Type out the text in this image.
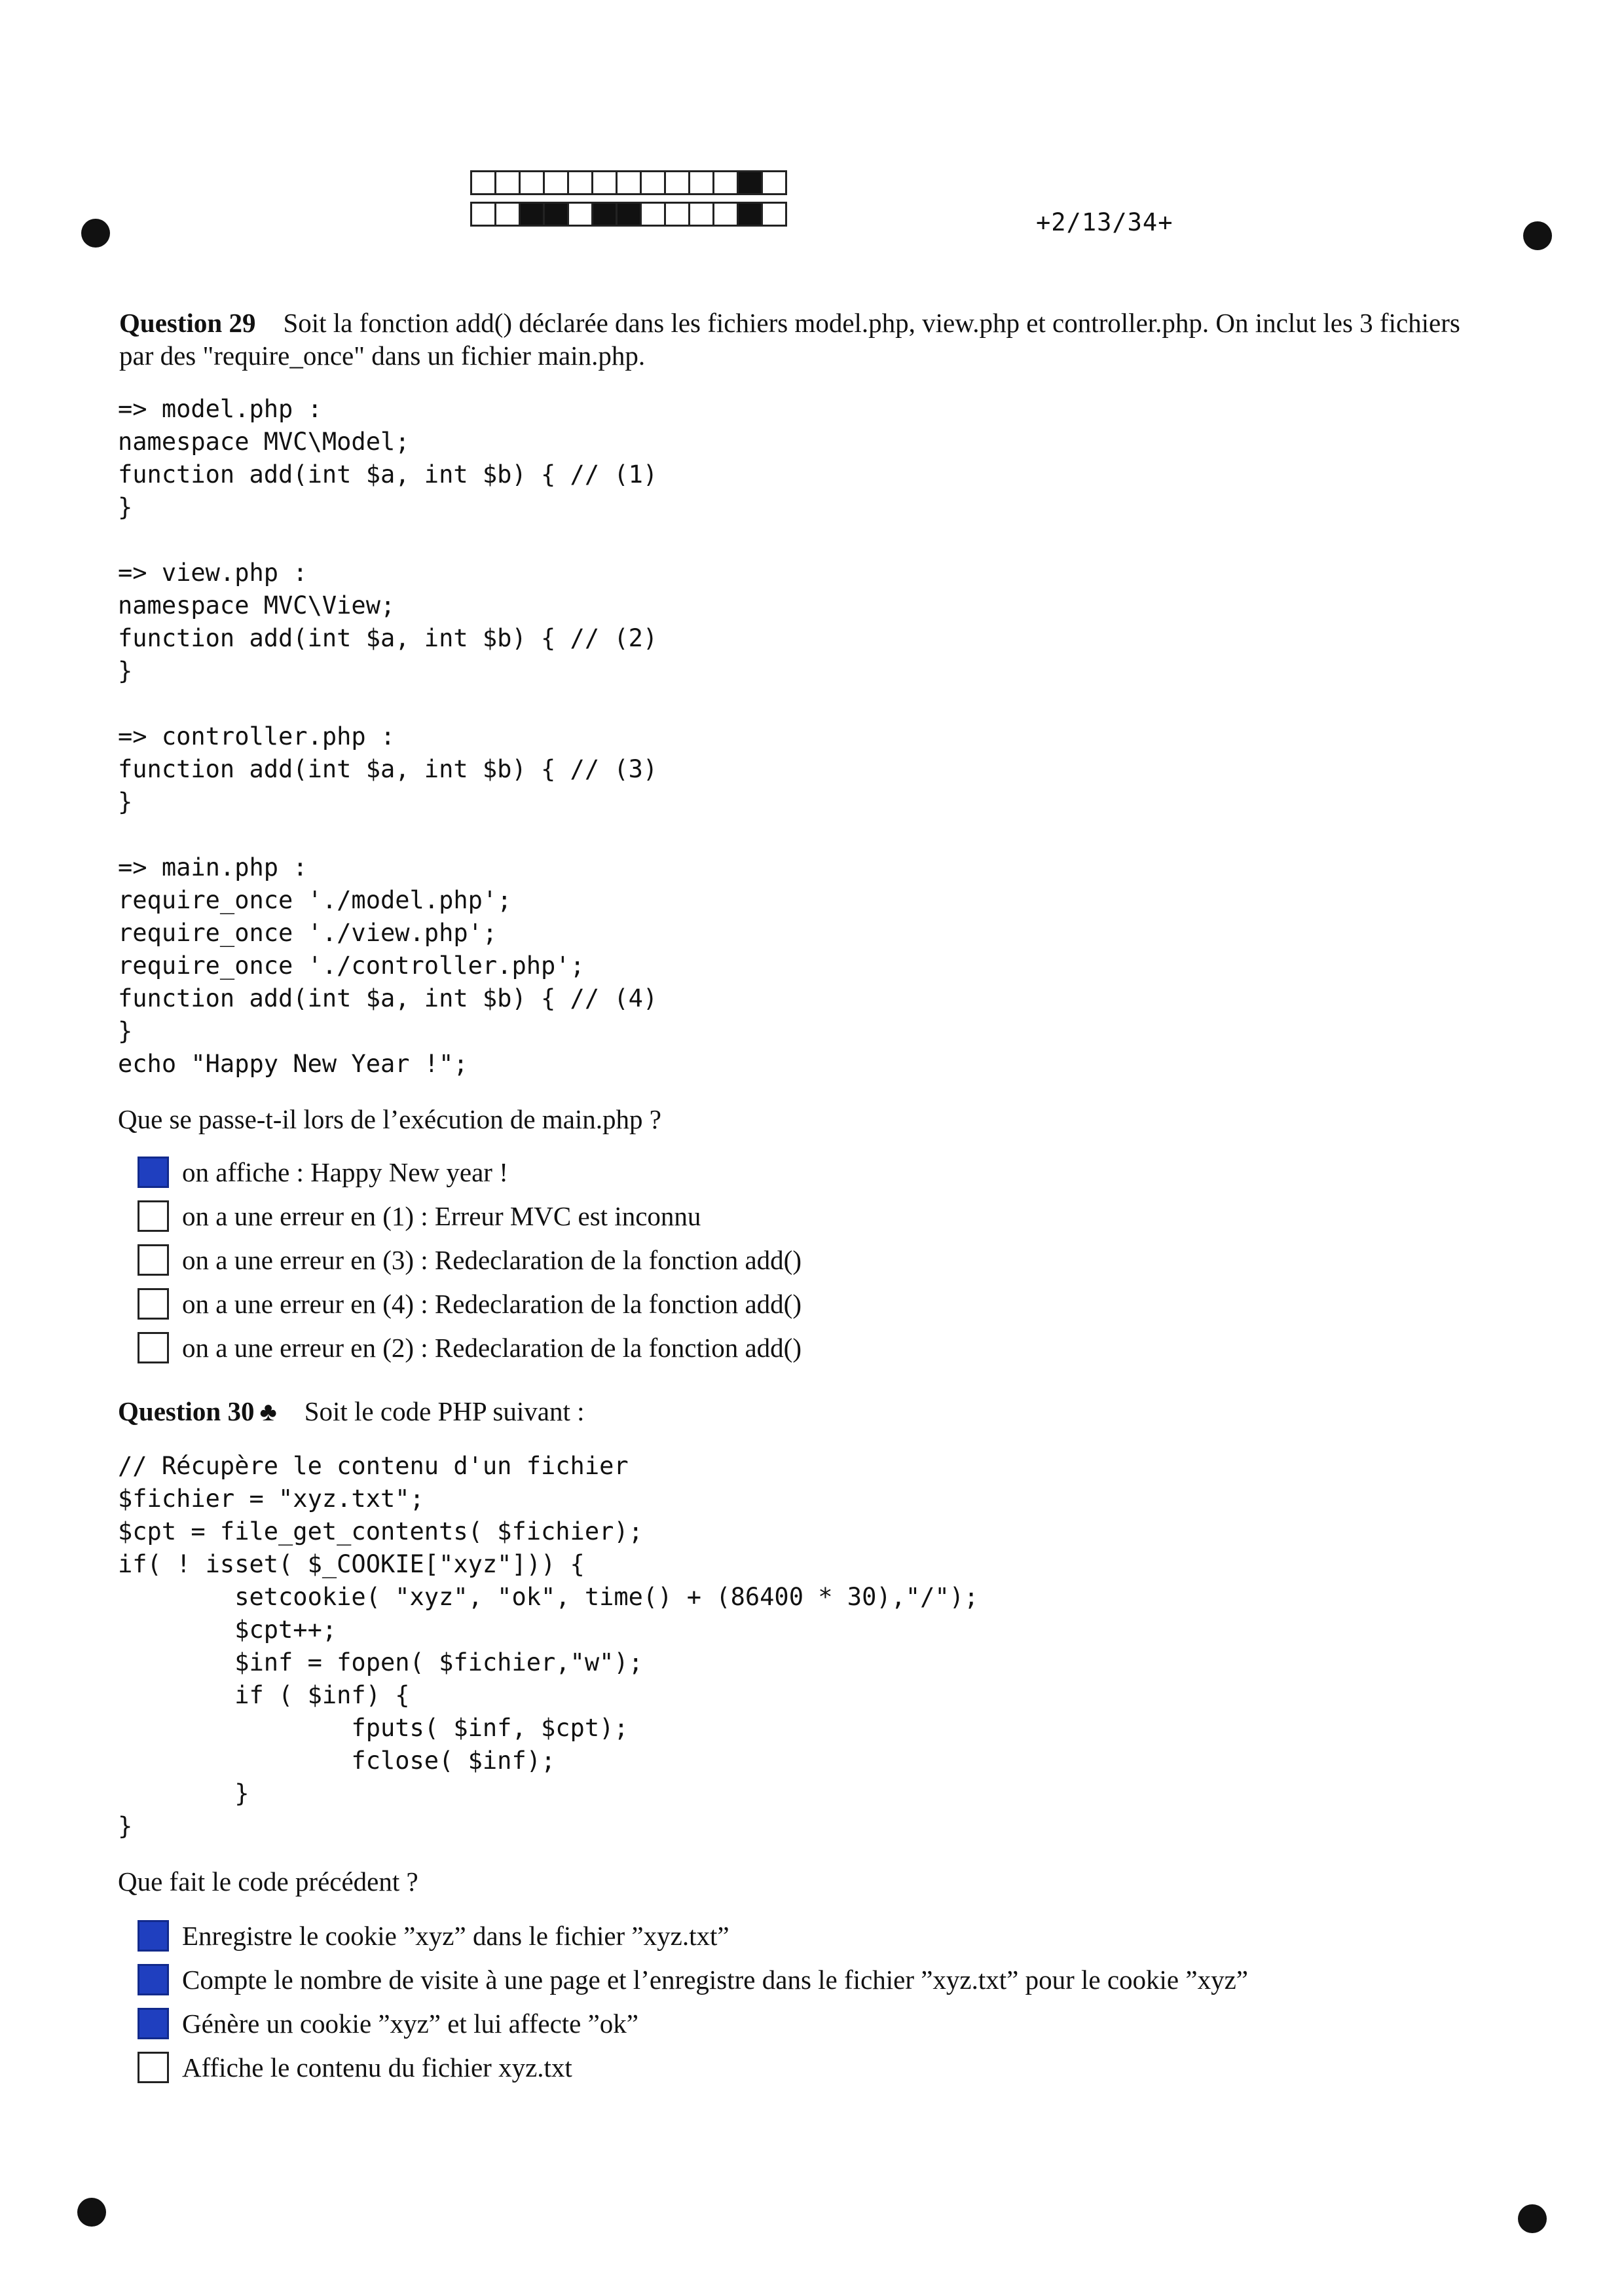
+2/13/34+
Question 29 Soit la fonction add() déclarée dans les fichiers model.php, view.php et controller.php. On inclut les 3 fichiers
par des "require_once" dans un fichier main.php.
=> model.php :
namespace MVC\Model;
function add(int $a, int $b) { // (1)
}

=> view.php :
namespace MVC\View;
function add(int $a, int $b) { // (2)
}

=> controller.php :
function add(int $a, int $b) { // (3)
}

=> main.php :
require_once './model.php';
require_once './view.php';
require_once './controller.php';
function add(int $a, int $b) { // (4)
}
echo "Happy New Year !";
Que se passe-t-il lors de l’exécution de main.php ?
on affiche : Happy New year !
on a une erreur en (1) : Erreur MVC est inconnu
on a une erreur en (3) : Redeclaration de la fonction add()
on a une erreur en (4) : Redeclaration de la fonction add()
on a une erreur en (2) : Redeclaration de la fonction add()
Question 30 ♣ Soit le code PHP suivant :
// Récupère le contenu d'un fichier
$fichier = "xyz.txt";
$cpt = file_get_contents( $fichier);
if( ! isset( $_COOKIE["xyz"])) {
setcookie( "xyz", "ok", time() + (86400 * 30),"/");
$cpt++;
$inf = fopen( $fichier,"w");
if ( $inf) {
fputs( $inf, $cpt);
fclose( $inf);
}
}
Que fait le code précédent ?
Enregistre le cookie ”xyz” dans le fichier ”xyz.txt”
Compte le nombre de visite à une page et l’enregistre dans le fichier ”xyz.txt” pour le cookie ”xyz”
Génère un cookie ”xyz” et lui affecte ”ok”
Affiche le contenu du fichier xyz.txt
